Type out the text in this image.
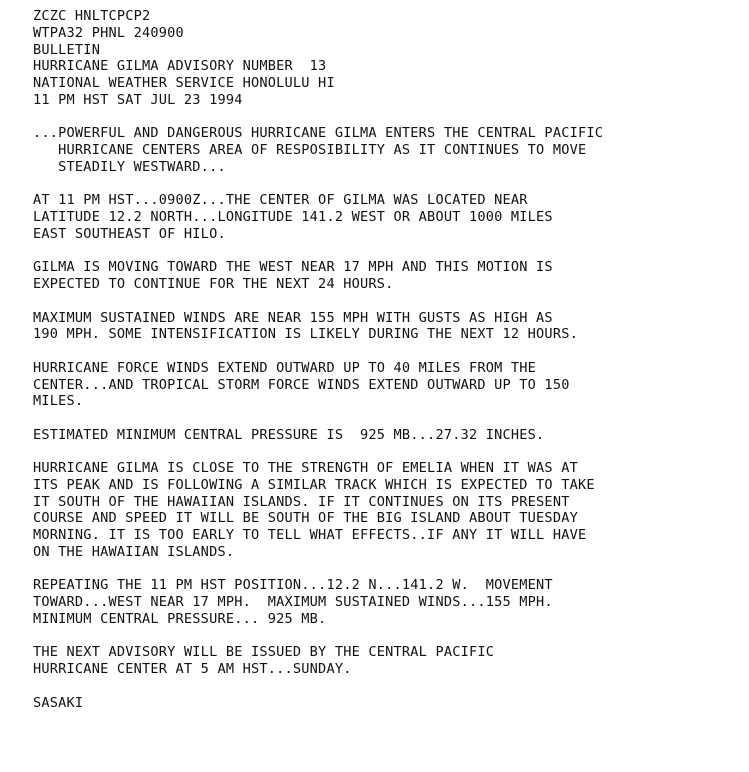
ZCZC HNLTCPCP2
WTPA32 PHNL 240900
BULLETIN
HURRICANE GILMA ADVISORY NUMBER  13
NATIONAL WEATHER SERVICE HONOLULU HI
11 PM HST SAT JUL 23 1994
...POWERFUL AND DANGEROUS HURRICANE GILMA ENTERS THE CENTRAL PACIFIC
HURRICANE CENTERS AREA OF RESPOSIBILITY AS IT CONTINUES TO MOVE
STEADILY WESTWARD...
AT 11 PM HST...0900Z...THE CENTER OF GILMA WAS LOCATED NEAR
LATITUDE 12.2 NORTH...LONGITUDE 141.2 WEST OR ABOUT 1000 MILES
EAST SOUTHEAST OF HILO.
GILMA IS MOVING TOWARD THE WEST NEAR 17 MPH AND THIS MOTION IS
EXPECTED TO CONTINUE FOR THE NEXT 24 HOURS.
MAXIMUM SUSTAINED WINDS ARE NEAR 155 MPH WITH GUSTS AS HIGH AS
190 MPH. SOME INTENSIFICATION IS LIKELY DURING THE NEXT 12 HOURS.
HURRICANE FORCE WINDS EXTEND OUTWARD UP TO 40 MILES FROM THE
CENTER...AND TROPICAL STORM FORCE WINDS EXTEND OUTWARD UP TO 150
MILES.
ESTIMATED MINIMUM CENTRAL PRESSURE IS  925 MB...27.32 INCHES.
HURRICANE GILMA IS CLOSE TO THE STRENGTH OF EMELIA WHEN IT WAS AT
ITS PEAK AND IS FOLLOWING A SIMILAR TRACK WHICH IS EXPECTED TO TAKE
IT SOUTH OF THE HAWAIIAN ISLANDS. IF IT CONTINUES ON ITS PRESENT
COURSE AND SPEED IT WILL BE SOUTH OF THE BIG ISLAND ABOUT TUESDAY
MORNING. IT IS TOO EARLY TO TELL WHAT EFFECTS..IF ANY IT WILL HAVE
ON THE HAWAIIAN ISLANDS.
REPEATING THE 11 PM HST POSITION...12.2 N...141.2 W.  MOVEMENT
TOWARD...WEST NEAR 17 MPH.  MAXIMUM SUSTAINED WINDS...155 MPH.
MINIMUM CENTRAL PRESSURE... 925 MB.
THE NEXT ADVISORY WILL BE ISSUED BY THE CENTRAL PACIFIC
HURRICANE CENTER AT 5 AM HST...SUNDAY.
SASAKI
